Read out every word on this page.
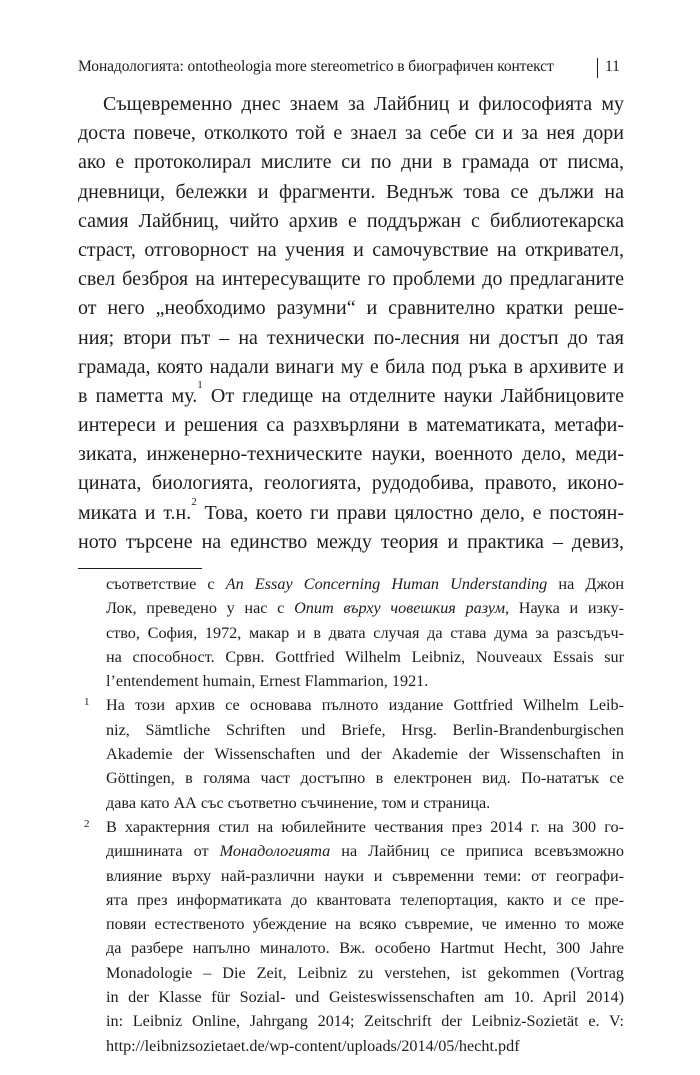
Монадологията: ontotheologia more stereometrico в биографичен контекст	11
Същевременно днес знаем за Лайбниц и философията му
доста повече, отколкото той е знаел за себе си и за нея дори
ако е протоколирал мислите си по дни в грамада от писма,
дневници, бележки и фрагменти. Веднъж това се дължи на
самия Лайбниц, чийто архив е поддържан с библиотекарска
страст, отговорност на учения и самочувствие на откривател,
свел безброя на интересуващите го проблеми до предлаганите
от него „необходимо разумни“ и сравнително кратки реше-
ния; втори път – на технически по-лесния ни достъп до тая
грамада, която надали винаги му е била под ръка в архивите и
в паметта му.$^1$ От гледище на отделните науки Лайбницовите
интереси и решения са разхвърляни в математиката, метафи-
зиката, инженерно-техническите науки, военното дело, меди-
цината, биологията, геологията, рудодобива, правото, иконо-
миката и т.н.$^2$ Това, което ги прави цялостно дело, е постоян-
ното търсене на единство между теория и практика – девиз,
съответствие с An Essay Concerning Human Understanding на Джон
Лок, преведено у нас с Опит върху човешкия разум, Наука и изку-
ство, София, 1972, макар и в двата случая да става дума за разсъдъч-
на способност. Срвн. Gottfried Wilhelm Leibniz, Nouveaux Essais sur
l’entendement humain, Ernest Flammarion, 1921.
1 На този архив се основава пълното издание Gottfried Wilhelm Leib-
niz, Sämtliche Schriften und Briefe, Hrsg. Berlin-Brandenburgischen
Akademie der Wissenschaften und der Akademie der Wissenschaften in
Göttingen, в голяма част достъпно в електронен вид. По-нататък се
дава като АА със съответно съчинение, том и страница.
2 В характерния стил на юбилейните чествания през 2014 г. на 300 го-
дишнината от Монадологията на Лайбниц се приписа всевъзможно
влияние върху най-различни науки и съвременни теми: от географи-
ята през информатиката до квантовата телепортация, както и се пре-
повяи естественото убеждение на всяко съвремие, че именно то може
да разбере напълно миналото. Вж. особено Hartmut Hecht, 300 Jahre
Monadologie – Die Zeit, Leibniz zu verstehen, ist gekommen (Vortrag
in der Klasse für Sozial- und Geisteswissenschaften am 10. April 2014)
in: Leibniz Online, Jahrgang 2014; Zeitschrift der Leibniz-Sozietät e. V:
http://leibnizsozietaet.de/wp-content/uploads/2014/05/hecht.pdf
